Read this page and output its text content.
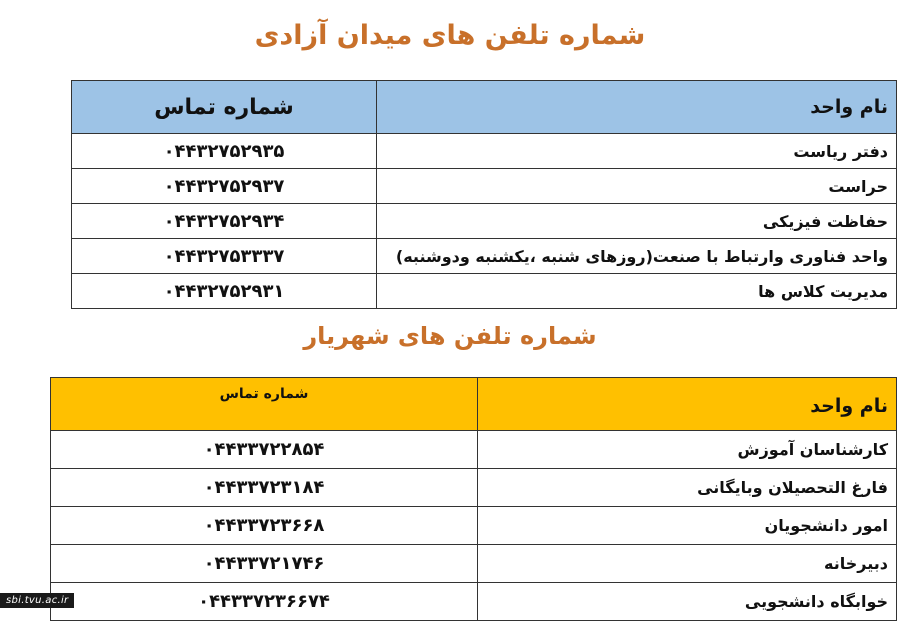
شماره تلفن های میدان آزادی
نام واحد	شماره تماس
دفتر ریاست	۰۴۴۳۲۷۵۲۹۳۵
حراست	۰۴۴۳۲۷۵۲۹۳۷
حفاظت فیزیکی	۰۴۴۳۲۷۵۲۹۳۴
واحد فناوری وارتباط با صنعت(روزهای شنبه ،یکشنبه ودوشنبه)	۰۴۴۳۲۷۵۳۳۳۷
مدیریت کلاس ها	۰۴۴۳۲۷۵۲۹۳۱
شماره تلفن های شهریار
نام واحد	شماره تماس
کارشناسان آموزش	۰۴۴۳۳۷۲۲۸۵۴
فارغ التحصیلان وبایگانی	۰۴۴۳۳۷۲۳۱۸۴
امور دانشجویان	۰۴۴۳۳۷۲۳۶۶۸
دبیرخانه	۰۴۴۳۳۷۲۱۷۴۶
خوابگاه دانشجویی	۰۴۴۳۳۷۲۳۶۶۷۴
sbi.tvu.ac.ir
